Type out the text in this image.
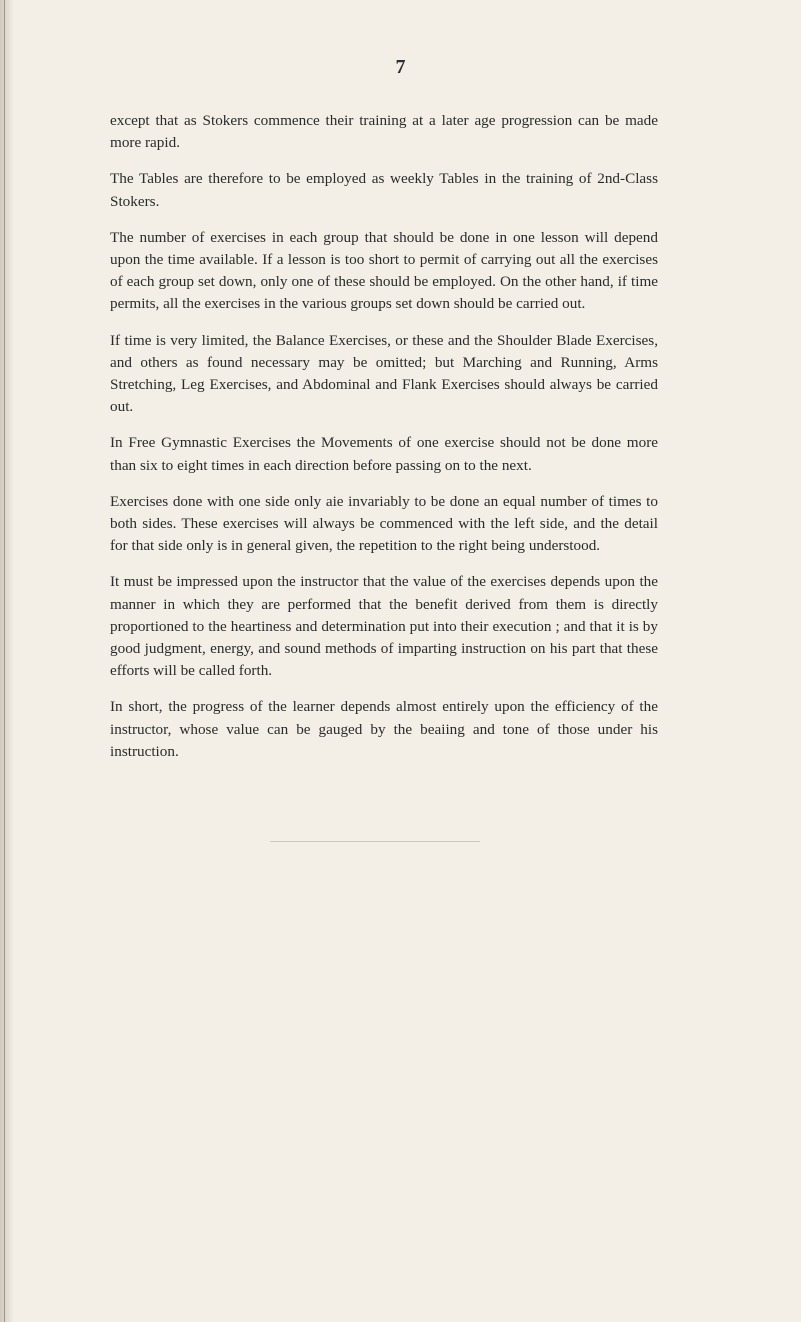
7

except that as Stokers commence their training at a later age progression can be made more rapid.

The Tables are therefore to be employed as weekly Tables in the training of 2nd-Class Stokers.

The number of exercises in each group that should be done in one lesson will depend upon the time available. If a lesson is too short to permit of carrying out all the exercises of each group set down, only one of these should be employed. On the other hand, if time permits, all the exercises in the various groups set down should be carried out.

If time is very limited, the Balance Exercises, or these and the Shoulder Blade Exercises, and others as found necessary may be omitted; but Marching and Running, Arms Stretching, Leg Exercises, and Abdominal and Flank Exercises should always be carried out.

In Free Gymnastic Exercises the Movements of one exercise should not be done more than six to eight times in each direction before passing on to the next.

Exercises done with one side only aie invariably to be done an equal number of times to both sides. These exercises will always be commenced with the left side, and the detail for that side only is in general given, the repetition to the right being understood.

It must be impressed upon the instructor that the value of the exercises depends upon the manner in which they are performed that the benefit derived from them is directly proportioned to the heartiness and determination put into their execution ; and that it is by good judgment, energy, and sound methods of imparting instruction on his part that these efforts will be called forth.

In short, the progress of the learner depends almost entirely upon the efficiency of the instructor, whose value can be gauged by the beaiing and tone of those under his instruction.
